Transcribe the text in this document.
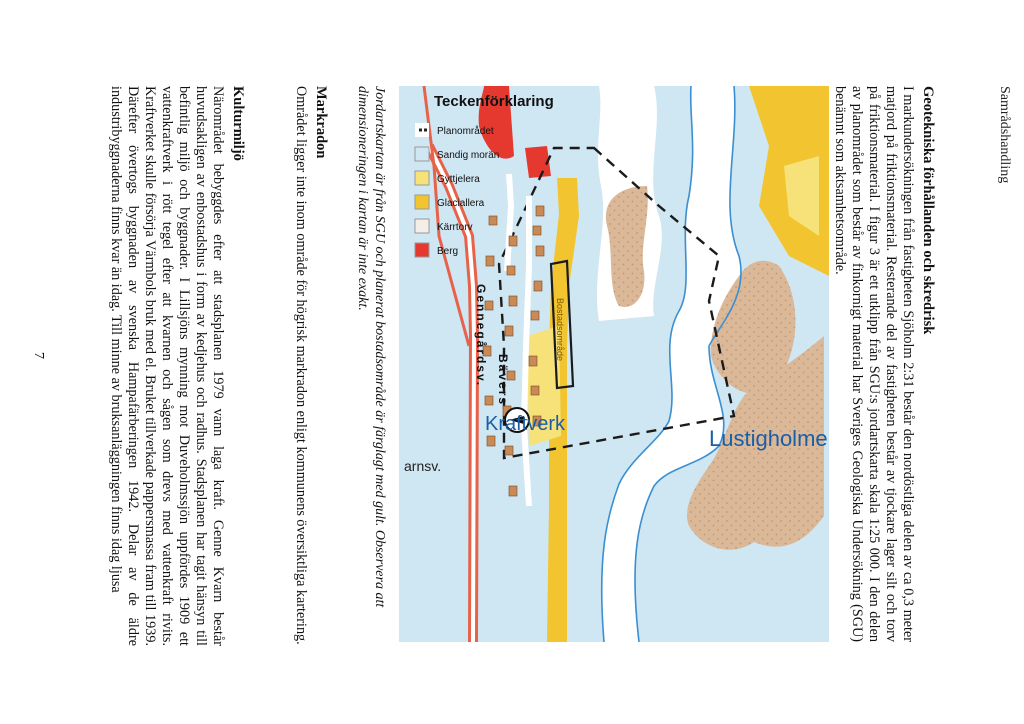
Samrådshandling
Geotekniska förhållanden och skredrisk

I markundersökningen från fastigheten Sjöholm 2:31 består den nordöstliga delen av ca 0,3 meter matjord på friktionsmaterial. Resterande del av fastigheten består av tjockare lager silt och torv på friktionsmaterial. I figur 3 är ett utklipp från SGU:s jordartskarta skala 1:25 000. I den delen av planområdet som består av finkornigt material har Sveriges Geologiska Undersökning (SGU) benämnt som aktsamhetsområde.

Teckenförklaring
Planområdet
Sandig morän
Gyttjelera
Glaciallera
Kärrtorv
Berg
Lustigholme
Kraftverk
Bävers
Gennegårdsv.
arnsv.
Bostadsområde
Jordartskartan är från SGU och planerat bostadsområde är färglagt med gult. Observera att dimensioneringen i kartan är inte exakt.
Markradon

Området ligger inte inom område för högrisk markradon enligt kommunens översiktliga kartering.

Kulturmiljö

Närområdet bebyggdes efter att stadsplanen 1979 vann laga kraft. Genne Kvarn består huvudsakligen av enbostadshus i form av kedjehus och radhus. Stadsplanen har tagit hänsyn till befintlig miljö och byggnader. I Lillsjöns mynning mot Duveholmssjön uppfördes 1909 ett vattenkraftverk i rött tegel efter att kvarnen och sågen som drevs med vattenkraft rivits. Kraftverket skulle försörja Värmbols bruk med el. Bruket tillverkade pappersmassa fram till 1939. Därefter övertogs byggnaden av svenska Hampafärberingen 1942. Delar av de äldre industribyggnaderna finns kvar än idag. Till minne av bruksanläggningen finns idag ljusa

7
